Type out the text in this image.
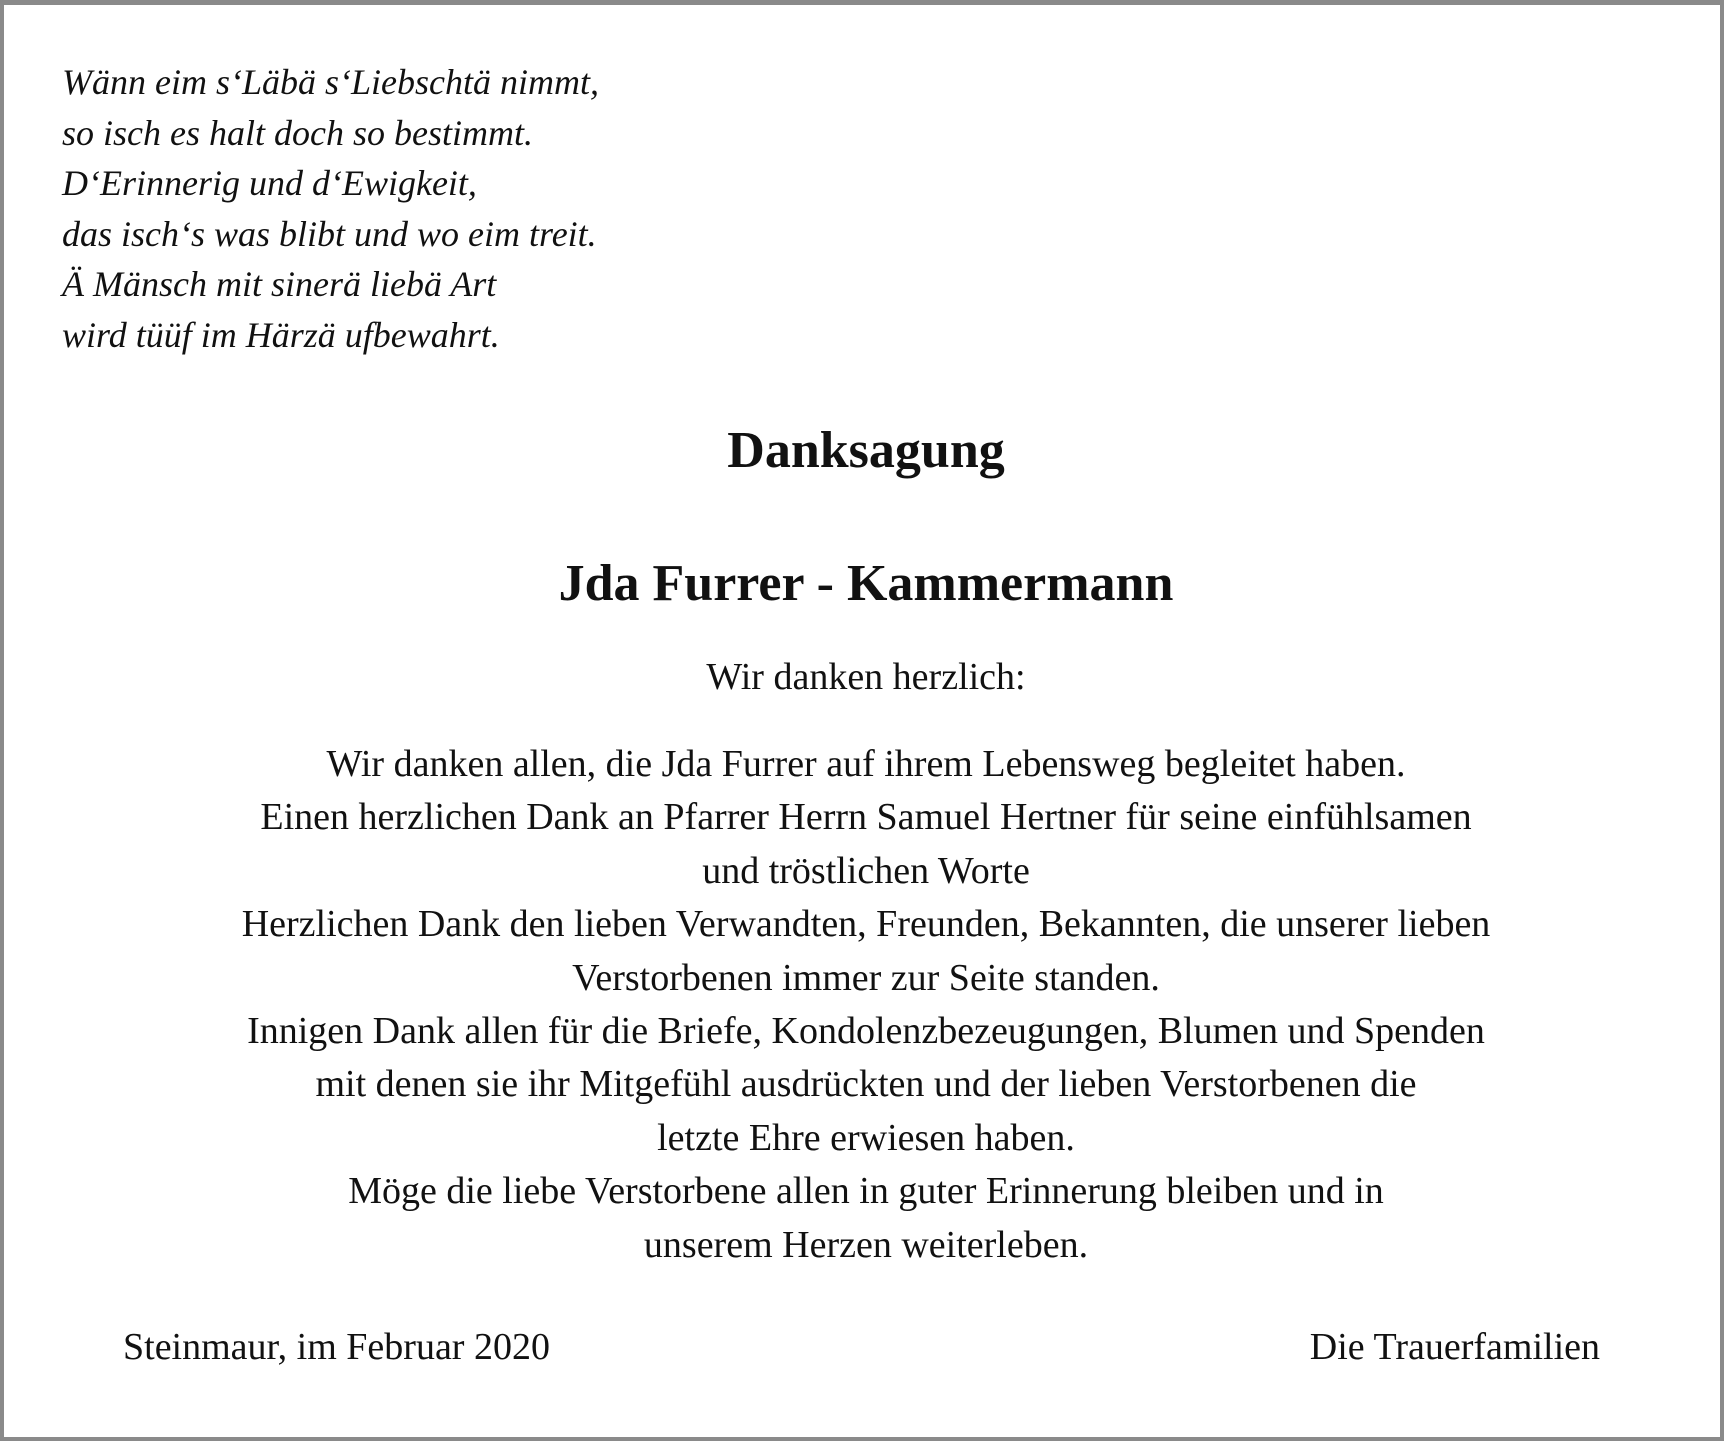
Wänn eim s‘Läbä s‘Liebschtä nimmt,
so isch es halt doch so bestimmt.
D‘Erinnerig und d‘Ewigkeit,
das isch‘s was blibt und wo eim treit.
Ä Mänsch mit sinerä liebä Art
wird tüüf im Härzä ufbewahrt.
Danksagung
Jda Furrer - Kammermann
Wir danken herzlich:
Wir danken allen, die Jda Furrer auf ihrem Lebensweg begleitet haben.
Einen herzlichen Dank an Pfarrer Herrn Samuel Hertner für seine einfühlsamen
und tröstlichen Worte
Herzlichen Dank den lieben Verwandten, Freunden, Bekannten, die unserer lieben
Verstorbenen immer zur Seite standen.
Innigen Dank allen für die Briefe, Kondolenzbezeugungen, Blumen und Spenden
mit denen sie ihr Mitgefühl ausdrückten und der lieben Verstorbenen die
letzte Ehre erwiesen haben.
Möge die liebe Verstorbene allen in guter Erinnerung bleiben und in
unserem Herzen weiterleben.
Steinmaur, im Februar 2020	Die Trauerfamilien
